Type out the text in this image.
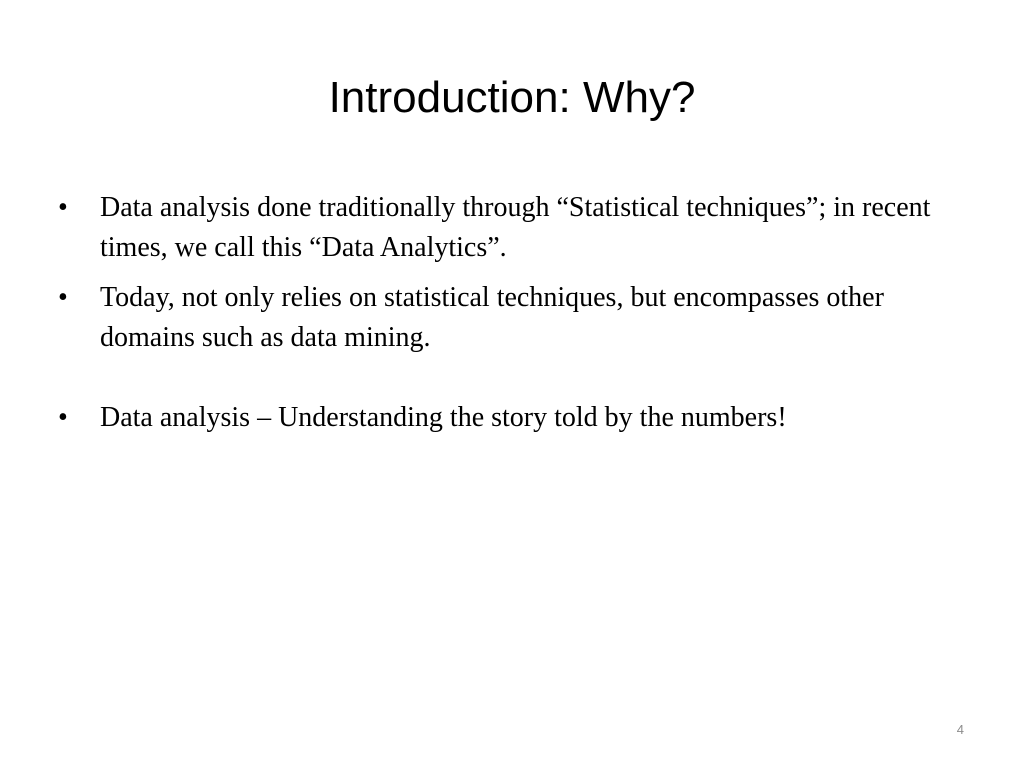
Introduction: Why?
•	Data analysis done traditionally through “Statistical techniques”; in recent times, we call this “Data Analytics”.
•	Today, not only relies on statistical techniques, but encompasses other domains such as data mining.
•	Data analysis – Understanding the story told by the numbers!
4
